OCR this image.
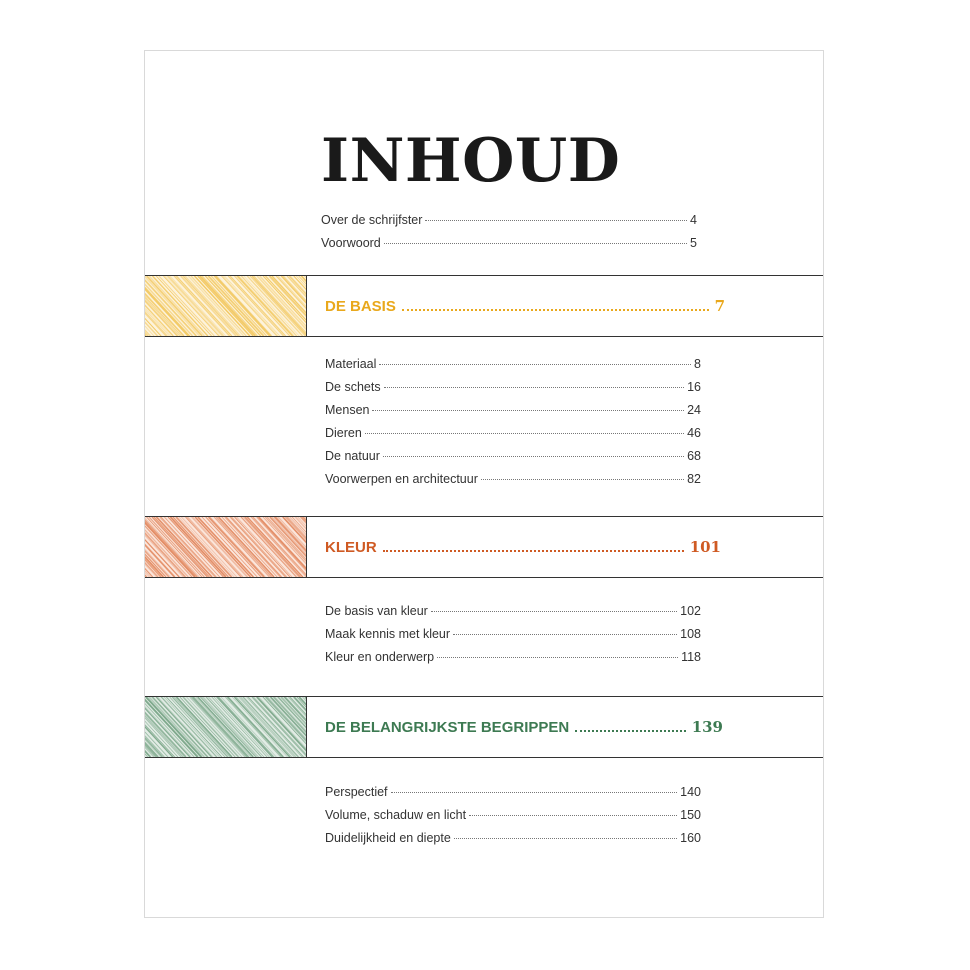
INHOUD
Over de schrijfster	4
Voorwoord	5
DE BASIS	7
Materiaal	8
De schets	16
Mensen	24
Dieren	46
De natuur	68
Voorwerpen en architectuur	82
KLEUR	101
De basis van kleur	102
Maak kennis met kleur	108
Kleur en onderwerp	118
DE BELANGRIJKSTE BEGRIPPEN	139
Perspectief	140
Volume, schaduw en licht	150
Duidelijkheid en diepte	160
